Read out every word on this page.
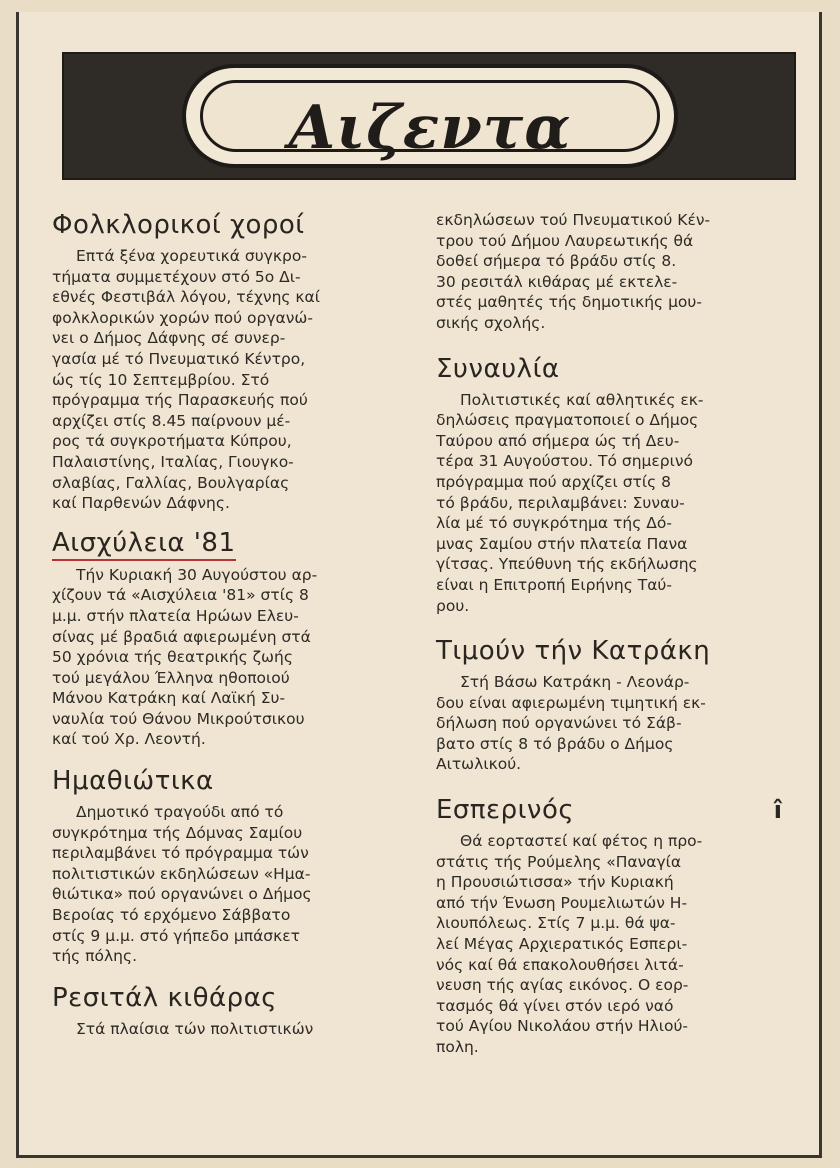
Αιζεντα
Φολκλορικοί χοροί
Επτά ξένα χορευτικά συγκρο-
τήματα συμμετέχουν στό 5ο Δι-
εθνές Φεστιβάλ λόγου, τέχνης καί
φολκλορικών χορών πού οργανώ-
νει ο Δήμος Δάφνης σέ συνερ-
γασία μέ τό Πνευματικό Κέντρο,
ώς τίς 10 Σεπτεμβρίου. Στό
πρόγραμμα τής Παρασκευής πού
αρχίζει στίς 8.45 παίρνουν μέ-
ρος τά συγκροτήματα Κύπρου,
Παλαιστίνης, Ιταλίας, Γιουγκο-
σλαβίας, Γαλλίας, Βουλγαρίας
καί Παρθενών Δάφνης.
Αισχύλεια '81
Τήν Κυριακή 30 Αυγούστου αρ-
χίζουν τά «Αισχύλεια '81» στίς 8
μ.μ. στήν πλατεία Ηρώων Ελευ-
σίνας μέ βραδιά αφιερωμένη στά
50 χρόνια τής θεατρικής ζωής
τού μεγάλου Έλληνα ηθοποιού
Μάνου Κατράκη καί Λαϊκή Συ-
ναυλία τού Θάνου Μικρούτσικου
καί τού Χρ. Λεοντή.
Ημαθιώτικα
Δημοτικό τραγούδι από τό
συγκρότημα τής Δόμνας Σαμίου
περιλαμβάνει τό πρόγραμμα τών
πολιτιστικών εκδηλώσεων «Ημα-
θιώτικα» πού οργανώνει ο Δήμος
Βεροίας τό ερχόμενο Σάββατο
στίς 9 μ.μ. στό γήπεδο μπάσκετ
τής πόλης.
Ρεσιτάλ κιθάρας
Στά πλαίσια τών πολιτιστικών
εκδηλώσεων τού Πνευματικού Κέν-
τρου τού Δήμου Λαυρεωτικής θά
δοθεί σήμερα τό βράδυ στίς 8.
30 ρεσιτάλ κιθάρας μέ εκτελε-
στές μαθητές τής δημοτικής μου-
σικής σχολής.
Συναυλία
Πολιτιστικές καί αθλητικές εκ-
δηλώσεις πραγματοποιεί ο Δήμος
Ταύρου από σήμερα ώς τή Δευ-
τέρα 31 Αυγούστου. Τό σημερινό
πρόγραμμα πού αρχίζει στίς 8
τό βράδυ, περιλαμβάνει: Συναυ-
λία μέ τό συγκρότημα τής Δό-
μνας Σαμίου στήν πλατεία Πανα
γίτσας. Υπεύθυνη τής εκδήλωσης
είναι η Επιτροπή Ειρήνης Ταύ-
ρου.
Τιμούν τήν Κατράκη
Στή Βάσω Κατράκη - Λεονάρ-
δου είναι αφιερωμένη τιμητική εκ-
δήλωση πού οργανώνει τό Σάβ-
βατο στίς 8 τό βράδυ ο Δήμος
Αιτωλικού.
Εσπερινός	î
Θά εορταστεί καί φέτος η προ-
στάτις τής Ρούμελης «Παναγία
η Προυσιώτισσα» τήν Κυριακή
από τήν Ένωση Ρουμελιωτών Η-
λιουπόλεως. Στίς 7 μ.μ. θά ψα-
λεί Μέγας Αρχιερατικός Εσπερι-
νός καί θά επακολουθήσει λιτά-
νευση τής αγίας εικόνος. Ο εορ-
τασμός θά γίνει στόν ιερό ναό
τού Αγίου Νικολάου στήν Ηλιού-
πολη.
